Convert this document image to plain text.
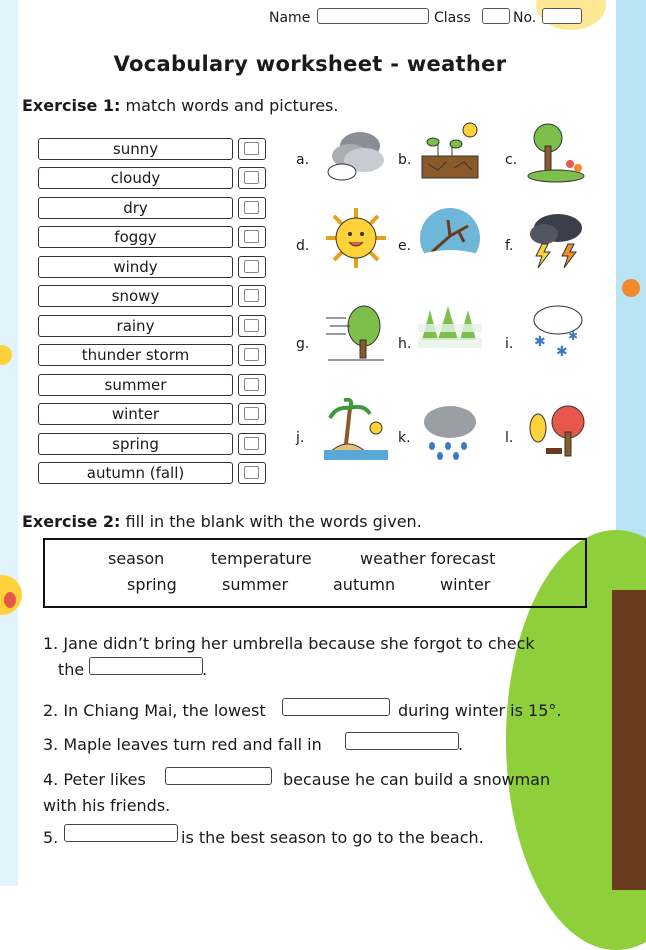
Name	Class	No.
Vocabulary worksheet - weather
Exercise 1: match words and pictures.
sunny
cloudy
dry
foggy
windy
snowy
rainy
thunder storm
summer
winter
spring
autumn (fall)
a.	b.	c.
d.	e.	f.
g.	h.	i. ✱
✱
✱
j.	k.	l.
Exercise 2: fill in the blank with the words given.
season	temperature	weather forecast
spring	summer	autumn	winter
1. Jane didn’t bring her umbrella because she forgot to check
the	.
2. In Chiang Mai, the lowest	during winter is 15°.
3. Maple leaves turn red and fall in	.
4. Peter likes	because he can build a snowman
with his friends.
5.	is the best season to go to the beach.
